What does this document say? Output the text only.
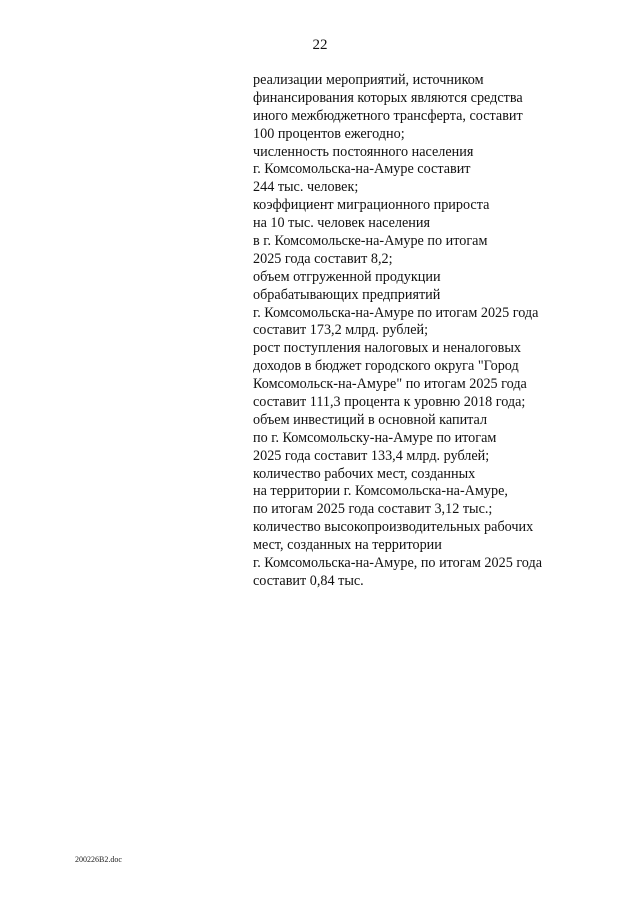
22
реализации мероприятий, источником
финансирования которых являются средства
иного межбюджетного трансферта, составит
100 процентов ежегодно;
численность постоянного населения
г. Комсомольска-на-Амуре составит
244 тыс. человек;
коэффициент миграционного прироста
на 10 тыс. человек населения
в г. Комсомольске-на-Амуре по итогам
2025 года составит 8,2;
объем отгруженной продукции
обрабатывающих предприятий
г. Комсомольска-на-Амуре по итогам 2025 года
составит 173,2 млрд. рублей;
рост поступления налоговых и неналоговых
доходов в бюджет городского округа "Город
Комсомольск-на-Амуре" по итогам 2025 года
составит 111,3 процента к уровню 2018 года;
объем инвестиций в основной капитал
по г. Комсомольску-на-Амуре по итогам
2025 года составит 133,4 млрд. рублей;
количество рабочих мест, созданных
на территории г. Комсомольска-на-Амуре,
по итогам 2025 года составит 3,12 тыс.;
количество высокопроизводительных рабочих
мест, созданных на территории
г. Комсомольска-на-Амуре, по итогам 2025 года
составит 0,84 тыс.
200226B2.doc
